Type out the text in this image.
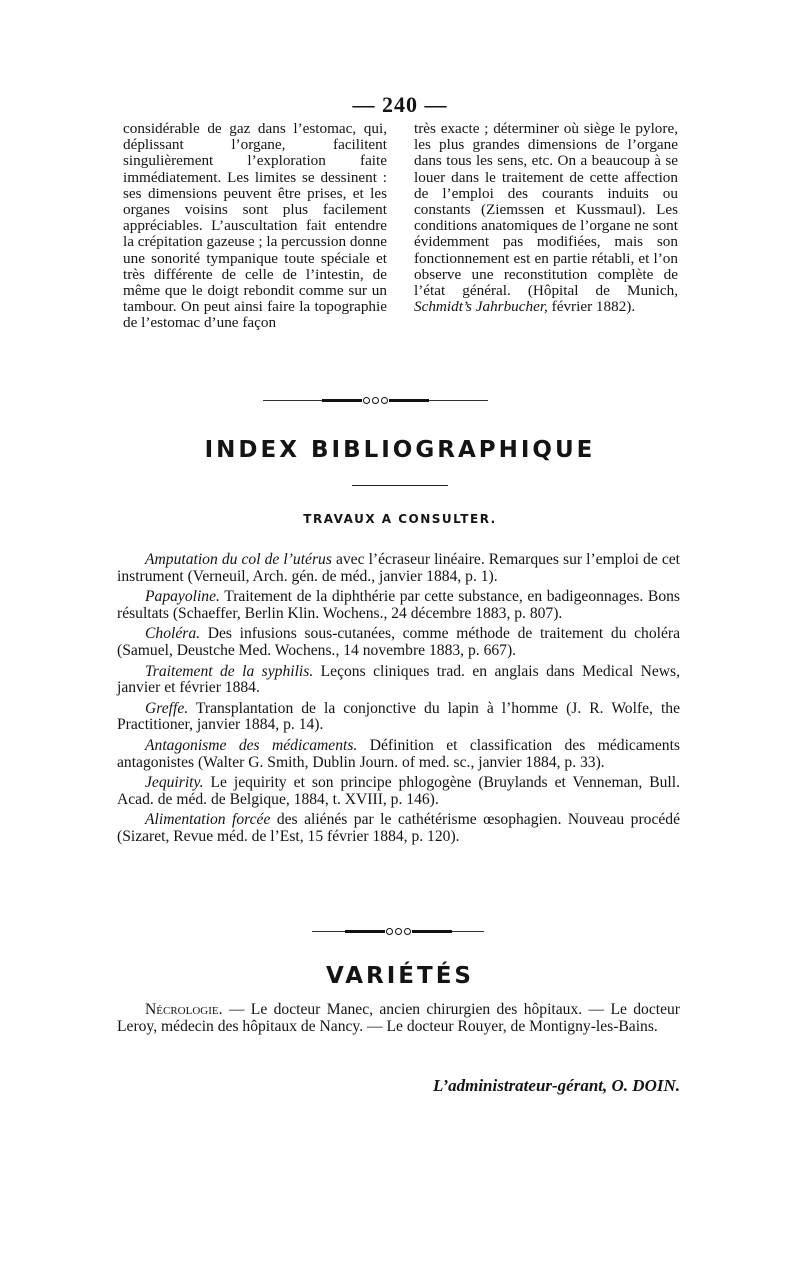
— 240 —
considérable de gaz dans l’estomac, qui, déplissant l’organe, facilitent singulièrement l’exploration faite immédiatement. Les limites se dessinent : ses dimensions peuvent être prises, et les organes voisins sont plus facilement appréciables. L’auscultation fait entendre la crépitation gazeuse ; la percussion donne une sonorité tympanique toute spéciale et très différente de celle de l’intestin, de même que le doigt rebondit comme sur un tambour. On peut ainsi faire la topographie de l’estomac d’une façon
très exacte ; déterminer où siège le pylore, les plus grandes dimensions de l’organe dans tous les sens, etc. On a beaucoup à se louer dans le traitement de cette affection de l’emploi des courants induits ou constants (Ziemssen et Kussmaul). Les conditions anatomiques de l’organe ne sont évidemment pas modifiées, mais son fonctionnement est en partie rétabli, et l’on observe une reconstitution complète de l’état général. (Hôpital de Munich, Schmidt’s Jahrbucher, février 1882).
INDEX BIBLIOGRAPHIQUE
TRAVAUX A CONSULTER.

Amputation du col de l’utérus avec l’écraseur linéaire. Remarques sur l’emploi de cet instrument (Verneuil, Arch. gén. de méd., janvier 1884, p. 1).

Papayoline. Traitement de la diphthérie par cette substance, en badigeonnages. Bons résultats (Schaeffer, Berlin Klin. Wochens., 24 décembre 1883, p. 807).

Choléra. Des infusions sous-cutanées, comme méthode de traitement du choléra (Samuel, Deustche Med. Wochens., 14 novembre 1883, p. 667).

Traitement de la syphilis. Leçons cliniques trad. en anglais dans Medical News, janvier et février 1884.

Greffe. Transplantation de la conjonctive du lapin à l’homme (J. R. Wolfe, the Practitioner, janvier 1884, p. 14).

Antagonisme des médicaments. Définition et classification des médicaments antagonistes (Walter G. Smith, Dublin Journ. of med. sc., janvier 1884, p. 33).

Jequirity. Le jequirity et son principe phlogogène (Bruylands et Venneman, Bull. Acad. de méd. de Belgique, 1884, t. XVIII, p. 146).

Alimentation forcée des aliénés par le cathétérisme œsophagien. Nouveau procédé (Sizaret, Revue méd. de l’Est, 15 février 1884, p. 120).

VARIÉTÉS
Nécrologie. — Le docteur Manec, ancien chirurgien des hôpitaux. — Le docteur Leroy, médecin des hôpitaux de Nancy. — Le docteur Rouyer, de Montigny-les-Bains.
L’administrateur-gérant, O. DOIN.
